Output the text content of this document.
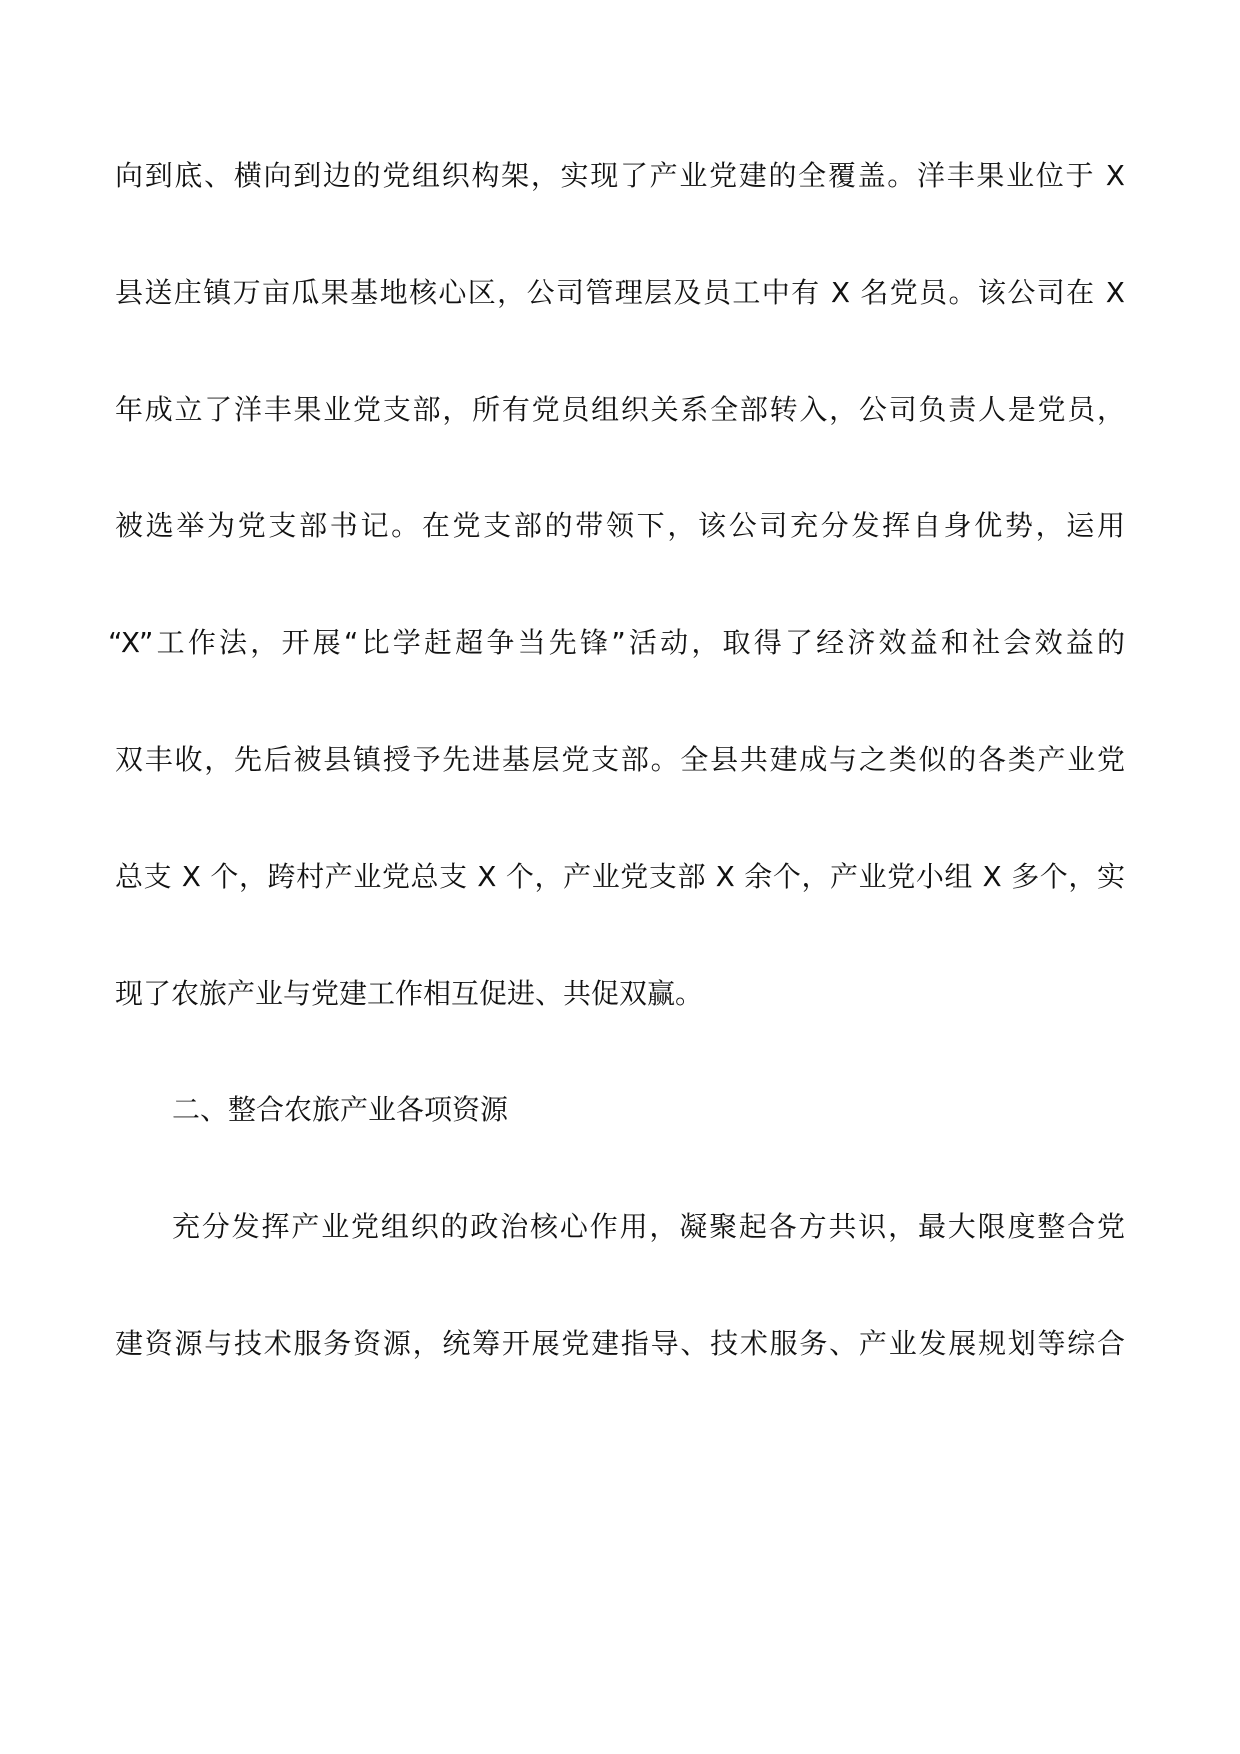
向到底、横向到边的党组织构架，实现了产业党建的全覆盖。洋丰果业位于 X
县送庄镇万亩瓜果基地核心区，公司管理层及员工中有 X 名党员。该公司在 X
年成立了洋丰果业党支部，所有党员组织关系全部转入，公司负责人是党员，
被选举为党支部书记。在党支部的带领下，该公司充分发挥自身优势，运用
“X”工作法，开展“比学赶超争当先锋”活动，取得了经济效益和社会效益的
双丰收，先后被县镇授予先进基层党支部。全县共建成与之类似的各类产业党
总支 X 个，跨村产业党总支 X 个，产业党支部 X 余个，产业党小组 X 多个，实
现了农旅产业与党建工作相互促进、共促双赢。
二、整合农旅产业各项资源
充分发挥产业党组织的政治核心作用，凝聚起各方共识，最大限度整合党
建资源与技术服务资源，统筹开展党建指导、技术服务、产业发展规划等综合
